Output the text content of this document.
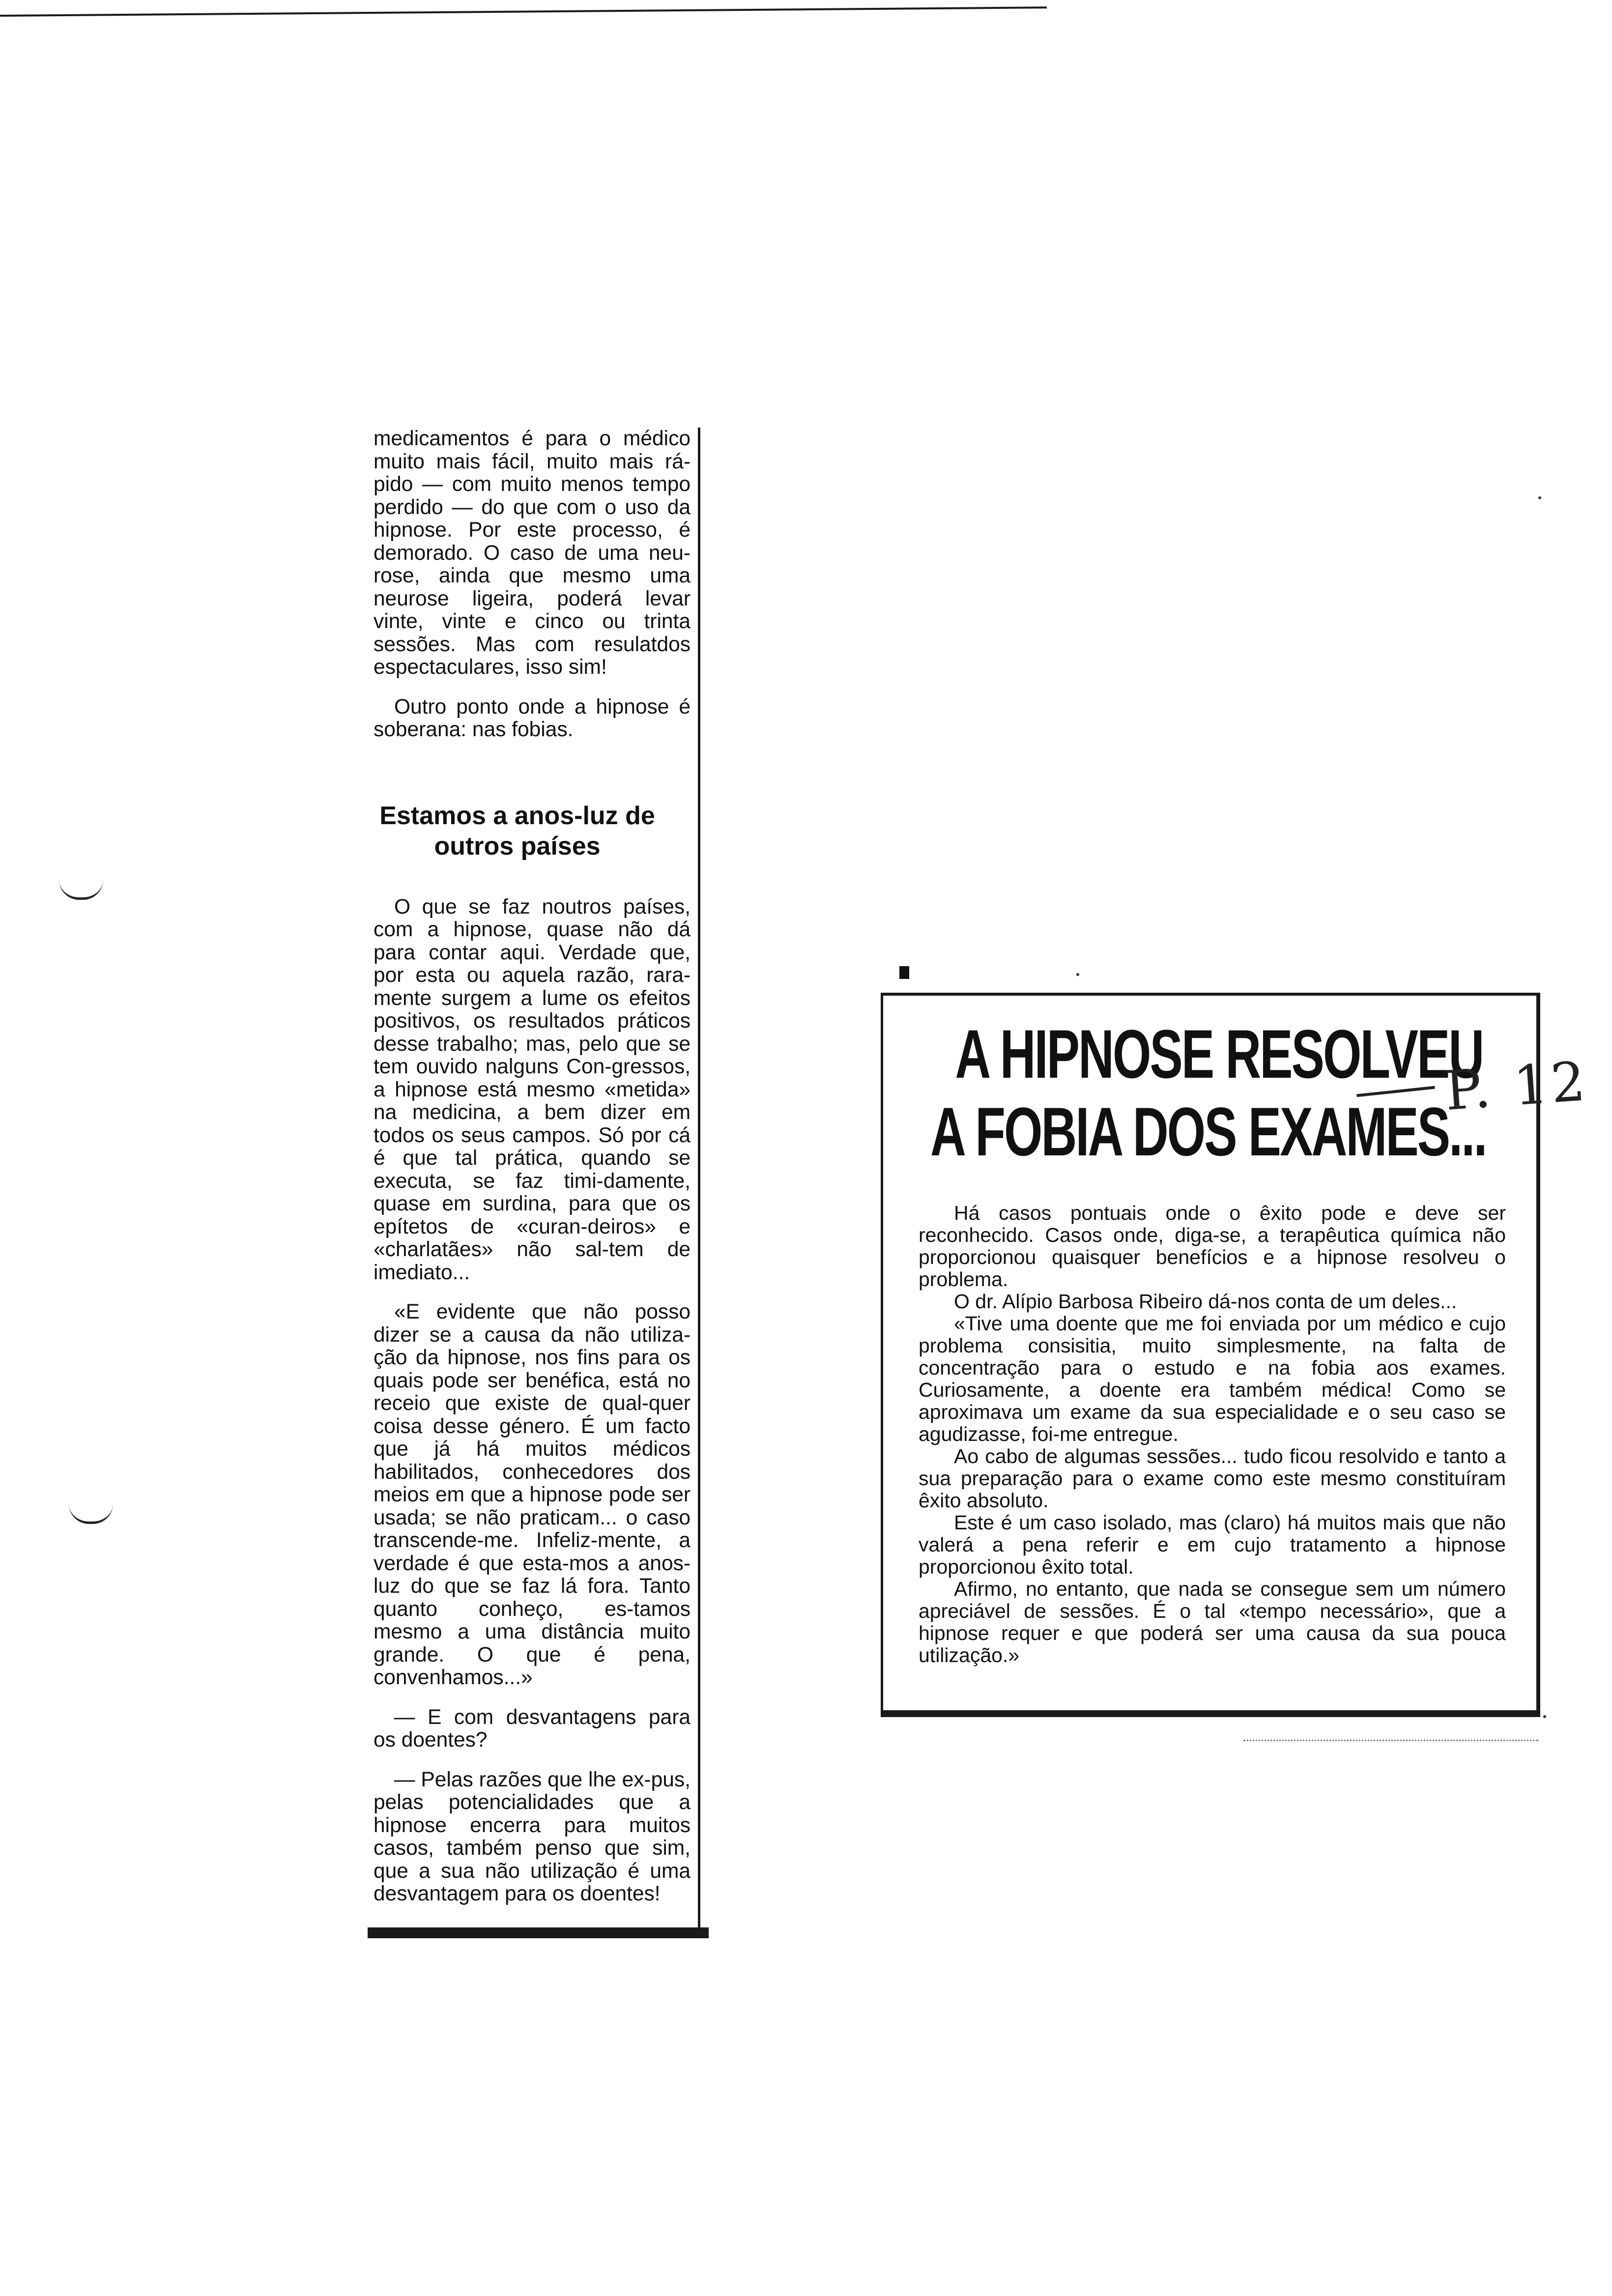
medicamentos é para o médico muito mais fácil, muito mais rá-pido — com muito menos tempo perdido — do que com o uso da hipnose. Por este processo, é demorado. O caso de uma neu-rose, ainda que mesmo uma neurose ligeira, poderá levar vinte, vinte e cinco ou trinta sessões. Mas com resulatdos espectaculares, isso sim!

Outro ponto onde a hipnose é soberana: nas fobias.

Estamos a anos-luz de outros países

O que se faz noutros países, com a hipnose, quase não dá para contar aqui. Verdade que, por esta ou aquela razão, rara-mente surgem a lume os efeitos positivos, os resultados práticos desse trabalho; mas, pelo que se tem ouvido nalguns Con-gressos, a hipnose está mesmo «metida» na medicina, a bem dizer em todos os seus campos. Só por cá é que tal prática, quando se executa, se faz timi-damente, quase em surdina, para que os epítetos de «curan-deiros» e «charlatães» não sal-tem de imediato...

«E evidente que não posso dizer se a causa da não utiliza-ção da hipnose, nos fins para os quais pode ser benéfica, está no receio que existe de qual-quer coisa desse género. É um facto que já há muitos médicos habilitados, conhecedores dos meios em que a hipnose pode ser usada; se não praticam... o caso transcende-me. Infeliz-mente, a verdade é que esta-mos a anos-luz do que se faz lá fora. Tanto quanto conheço, es-tamos mesmo a uma distância muito grande. O que é pena, convenhamos...»

— E com desvantagens para os doentes?

— Pelas razões que lhe ex-pus, pelas potencialidades que a hipnose encerra para muitos casos, também penso que sim, que a sua não utilização é uma desvantagem para os doentes!

A HIPNOSE RESOLVEU
A FOBIA DOS EXAMES...

Há casos pontuais onde o êxito pode e deve ser reconhecido. Casos onde, diga-se, a terapêutica química não proporcionou quaisquer benefícios e a hipnose resolveu o problema.

O dr. Alípio Barbosa Ribeiro dá-nos conta de um deles...

«Tive uma doente que me foi enviada por um médico e cujo problema consisitia, muito simplesmente, na falta de concentração para o estudo e na fobia aos exames. Curiosamente, a doente era também médica! Como se aproximava um exame da sua especialidade e o seu caso se agudizasse, foi-me entregue.

Ao cabo de algumas sessões... tudo ficou resolvido e tanto a sua preparação para o exame como este mesmo constituíram êxito absoluto.

Este é um caso isolado, mas (claro) há muitos mais que não valerá a pena referir e em cujo tratamento a hipnose proporcionou êxito total.

Afirmo, no entanto, que nada se consegue sem um número apreciável de sessões. É o tal «tempo necessário», que a hipnose requer e que poderá ser uma causa da sua pouca utilização.»

P. 12
